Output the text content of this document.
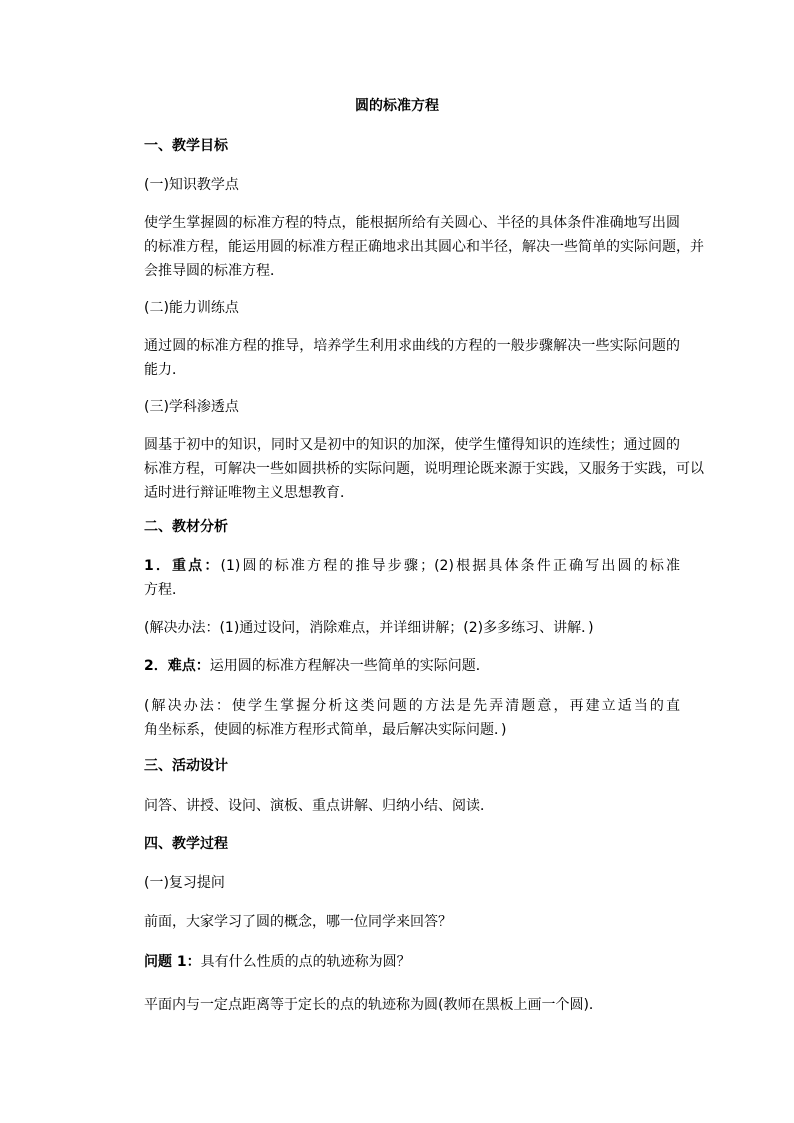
圆的标准方程
一、教学目标
(一)知识教学点
使学生掌握圆的标准方程的特点，能根据所给有关圆心、半径的具体条件准确地写出圆
的标准方程，能运用圆的标准方程正确地求出其圆心和半径，解决一些简单的实际问题，并
会推导圆的标准方程．
(二)能力训练点
通过圆的标准方程的推导，培养学生利用求曲线的方程的一般步骤解决一些实际问题的
能力．
(三)学科渗透点
圆基于初中的知识，同时又是初中的知识的加深，使学生懂得知识的连续性；通过圆的
标准方程，可解决一些如圆拱桥的实际问题，说明理论既来源于实践，又服务于实践，可以
适时进行辩证唯物主义思想教育．
二、教材分析
1．重点：(1)圆的标准方程的推导步骤；(2)根据具体条件正确写出圆的标准
方程．
(解决办法：(1)通过设问，消除难点，并详细讲解；(2)多多练习、讲解．)
2．难点：运用圆的标准方程解决一些简单的实际问题．
(解决办法：使学生掌握分析这类问题的方法是先弄清题意，再建立适当的直
角坐标系，使圆的标准方程形式简单，最后解决实际问题．)
三、活动设计
问答、讲授、设问、演板、重点讲解、归纳小结、阅读．
四、教学过程
(一)复习提问
前面，大家学习了圆的概念，哪一位同学来回答？
问题 1：具有什么性质的点的轨迹称为圆？
平面内与一定点距离等于定长的点的轨迹称为圆(教师在黑板上画一个圆)．
